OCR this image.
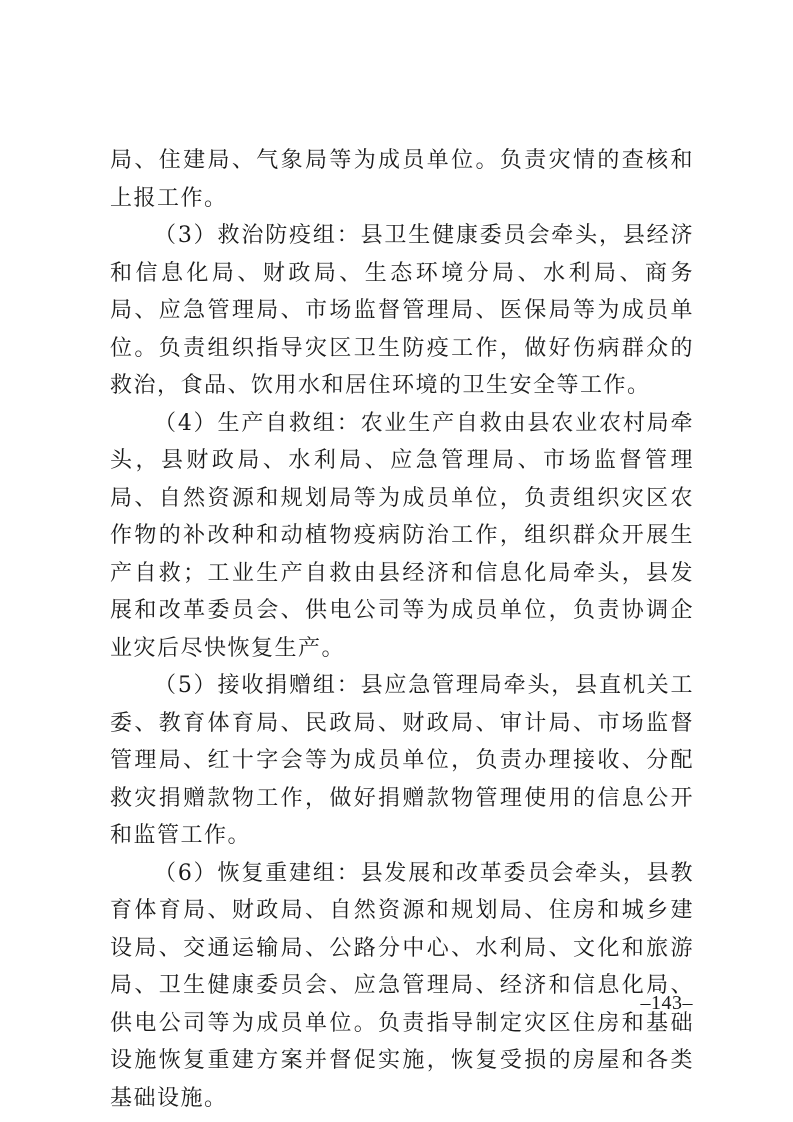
局、住建局、气象局等为成员单位。负责灾情的查核和上报工作。

（3）救治防疫组：县卫生健康委员会牵头，县经济和信息化局、财政局、生态环境分局、水利局、商务局、应急管理局、市场监督管理局、医保局等为成员单位。负责组织指导灾区卫生防疫工作，做好伤病群众的救治，食品、饮用水和居住环境的卫生安全等工作。

（4）生产自救组：农业生产自救由县农业农村局牵头，县财政局、水利局、应急管理局、市场监督管理局、自然资源和规划局等为成员单位，负责组织灾区农作物的补改种和动植物疫病防治工作，组织群众开展生产自救；工业生产自救由县经济和信息化局牵头，县发展和改革委员会、供电公司等为成员单位，负责协调企业灾后尽快恢复生产。

（5）接收捐赠组：县应急管理局牵头，县直机关工委、教育体育局、民政局、财政局、审计局、市场监督管理局、红十字会等为成员单位，负责办理接收、分配救灾捐赠款物工作，做好捐赠款物管理使用的信息公开和监管工作。

（6）恢复重建组：县发展和改革委员会牵头，县教育体育局、财政局、自然资源和规划局、住房和城乡建设局、交通运输局、公路分中心、水利局、文化和旅游局、卫生健康委员会、应急管理局、经济和信息化局、供电公司等为成员单位。负责指导制定灾区住房和基础设施恢复重建方案并督促实施，恢复受损的房屋和各类基础设施。

–143–
